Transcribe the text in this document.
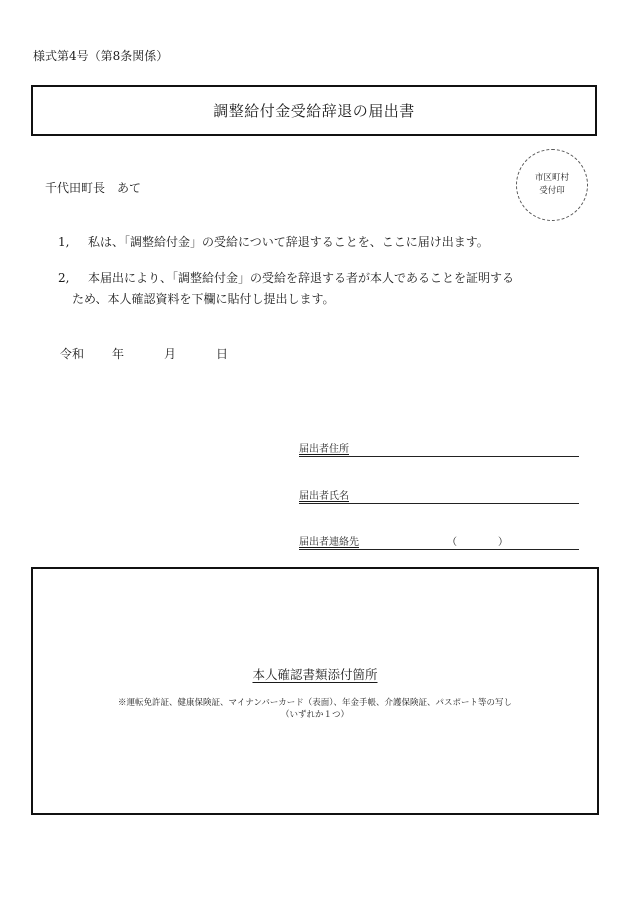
様式第4号（第8条関係）
調整給付金受給辞退の届出書
千代田町長　あて
市区町村
受付印
1, 私は、「調整給付金」の受給について辞退することを、ここに届け出ます。
2, 本届出により、「調整給付金」の受給を辞退する者が本人であることを証明する
ため、本人確認資料を下欄に貼付し提出します。
令和 年	月	日
届出者住所
届出者氏名
届出者連絡先	（	）
本人確認書類添付箇所
※運転免許証、健康保険証、マイナンバーカード（表面）、年金手帳、介護保険証、パスポート等の写し
（いずれか１つ）
